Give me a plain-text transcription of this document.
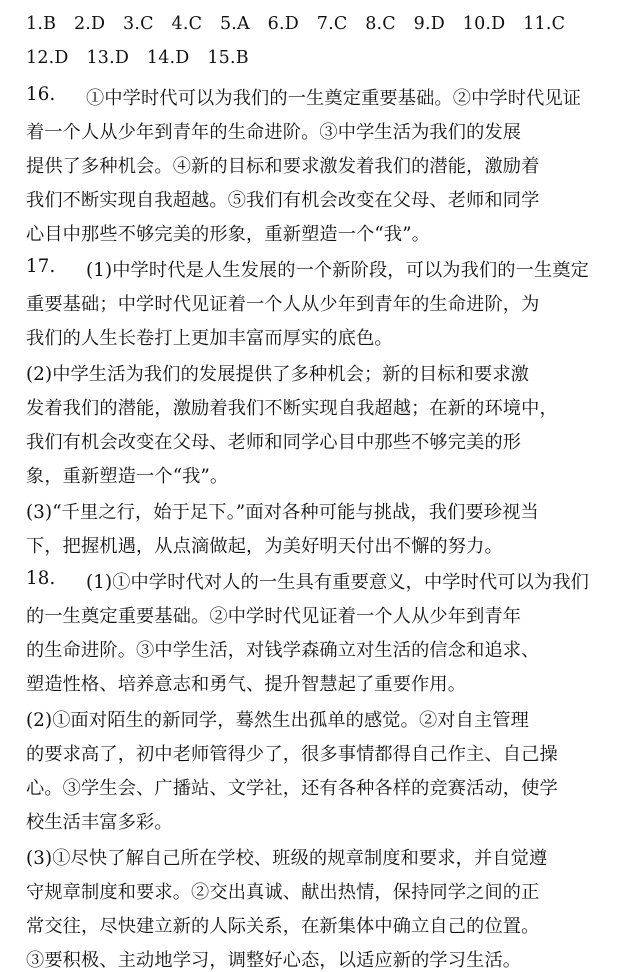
1.B 2.D 3.C 4.C 5.A 6.D 7.C 8.C 9.D 10.D 11.C
12.D 13.D 14.D 15.B
16. ①中学时代可以为我们的一生奠定重要基础。②中学时代见证
着一个人从少年到青年的生命进阶。③中学生活为我们的发展
提供了多种机会。④新的目标和要求激发着我们的潜能，激励着
我们不断实现自我超越。⑤我们有机会改变在父母、老师和同学
心目中那些不够完美的形象，重新塑造一个“我”。
17. (1)中学时代是人生发展的一个新阶段，可以为我们的一生奠定
重要基础；中学时代见证着一个人从少年到青年的生命进阶，为
我们的人生长卷打上更加丰富而厚实的底色。
(2)中学生活为我们的发展提供了多种机会；新的目标和要求激
发着我们的潜能，激励着我们不断实现自我超越；在新的环境中，
我们有机会改变在父母、老师和同学心目中那些不够完美的形
象，重新塑造一个“我”。
(3)“千里之行，始于足下。”面对各种可能与挑战，我们要珍视当
下，把握机遇，从点滴做起，为美好明天付出不懈的努力。
18. (1)①中学时代对人的一生具有重要意义，中学时代可以为我们
的一生奠定重要基础。②中学时代见证着一个人从少年到青年
的生命进阶。③中学生活，对钱学森确立对生活的信念和追求、
塑造性格、培养意志和勇气、提升智慧起了重要作用。
(2)①面对陌生的新同学，蓦然生出孤单的感觉。②对自主管理
的要求高了，初中老师管得少了，很多事情都得自己作主、自己操
心。③学生会、广播站、文学社，还有各种各样的竞赛活动，使学
校生活丰富多彩。
(3)①尽快了解自己所在学校、班级的规章制度和要求，并自觉遵
守规章制度和要求。②交出真诚、献出热情，保持同学之间的正
常交往，尽快建立新的人际关系，在新集体中确立自己的位置。
③要积极、主动地学习，调整好心态，以适应新的学习生活。
